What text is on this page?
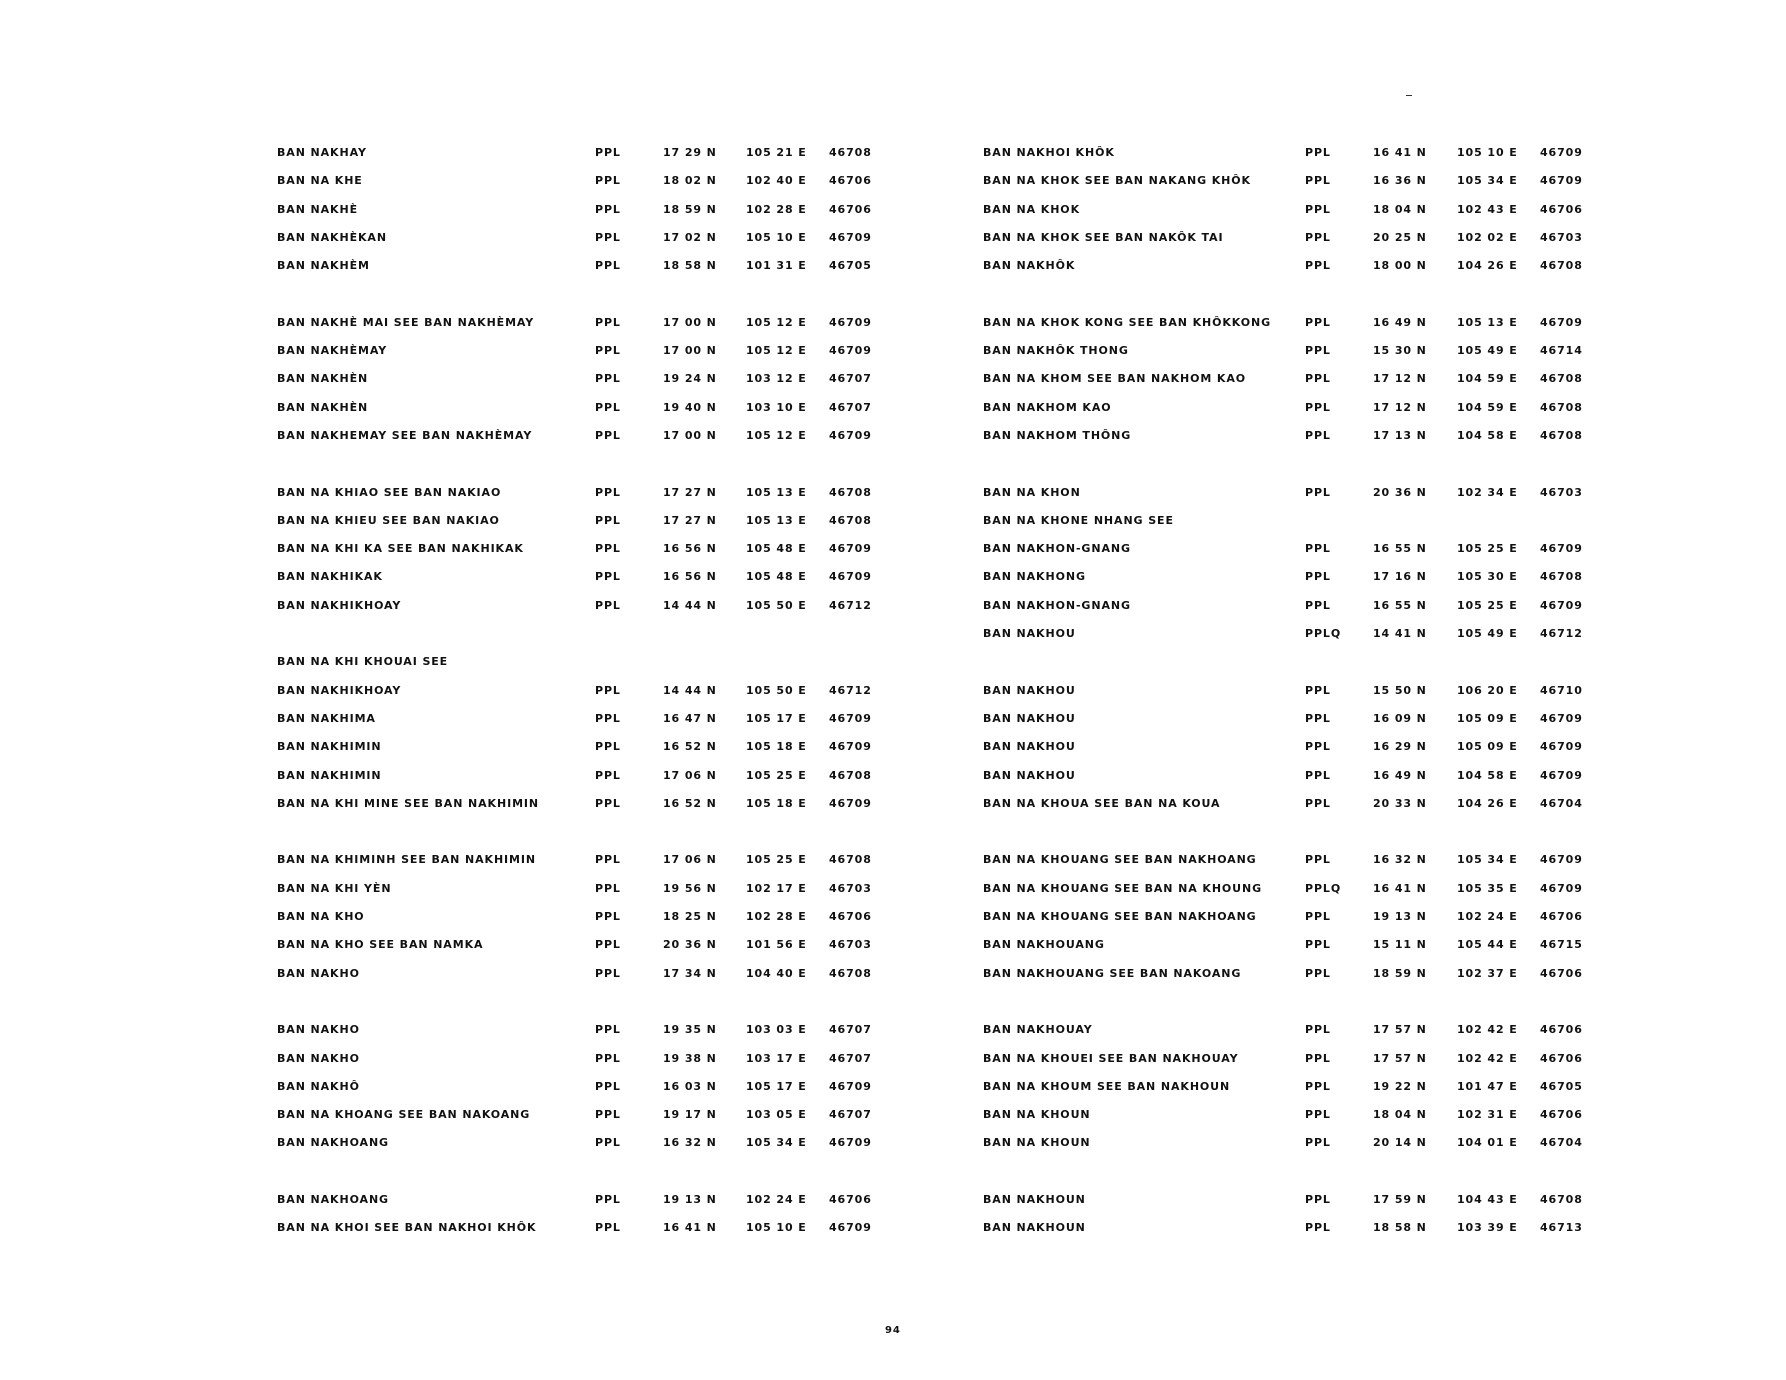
BAN NAKHAY	PPL	17 29 N	105 21 E 46708
BAN NA KHE	PPL	18 02 N	102 40 E 46706
BAN NAKHÈ	PPL	18 59 N	102 28 E 46706
BAN NAKHÈKAN	PPL	17 02 N	105 10 E 46709
BAN NAKHÈM	PPL	18 58 N	101 31 E 46705
BAN NAKHÈ MAI SEE BAN NAKHÈMAY	PPL	17 00 N	105 12 E 46709
BAN NAKHÈMAY	PPL	17 00 N	105 12 E 46709
BAN NAKHÈN	PPL	19 24 N	103 12 E 46707
BAN NAKHÈN	PPL	19 40 N	103 10 E 46707
BAN NAKHEMAY SEE BAN NAKHÈMAY	PPL	17 00 N	105 12 E 46709
BAN NA KHIAO SEE BAN NAKIAO	PPL	17 27 N	105 13 E 46708
BAN NA KHIEU SEE BAN NAKIAO	PPL	17 27 N	105 13 E 46708
BAN NA KHI KA SEE BAN NAKHIKAK	PPL	16 56 N	105 48 E 46709
BAN NAKHIKAK	PPL	16 56 N	105 48 E 46709
BAN NAKHIKHOAY	PPL	14 44 N	105 50 E 46712
BAN NA KHI KHOUAI SEE
BAN NAKHIKHOAY	PPL	14 44 N	105 50 E 46712
BAN NAKHIMA	PPL	16 47 N	105 17 E 46709
BAN NAKHIMIN	PPL	16 52 N	105 18 E 46709
BAN NAKHIMIN	PPL	17 06 N	105 25 E 46708
BAN NA KHI MINE SEE BAN NAKHIMIN	PPL	16 52 N	105 18 E 46709
BAN NA KHIMINH SEE BAN NAKHIMIN	PPL	17 06 N	105 25 E 46708
BAN NA KHI YÈN	PPL	19 56 N	102 17 E 46703
BAN NA KHO	PPL	18 25 N	102 28 E 46706
BAN NA KHO SEE BAN NAMKA	PPL	20 36 N	101 56 E 46703
BAN NAKHO	PPL	17 34 N	104 40 E 46708
BAN NAKHO	PPL	19 35 N	103 03 E 46707
BAN NAKHO	PPL	19 38 N	103 17 E 46707
BAN NAKHÔ	PPL	16 03 N	105 17 E 46709
BAN NA KHOANG SEE BAN NAKOANG	PPL	19 17 N	103 05 E 46707
BAN NAKHOANG	PPL	16 32 N	105 34 E 46709
BAN NAKHOANG	PPL	19 13 N	102 24 E 46706
BAN NA KHOI SEE BAN NAKHOI KHÔK	PPL	16 41 N	105 10 E 46709
BAN NAKHOI KHÔK	PPL	16 41 N	105 10 E 46709
BAN NA KHOK SEE BAN NAKANG KHÔK	PPL	16 36 N	105 34 E 46709
BAN NA KHOK	PPL	18 04 N	102 43 E 46706
BAN NA KHOK SEE BAN NAKÔK TAI	PPL	20 25 N	102 02 E 46703
BAN NAKHÔK	PPL	18 00 N	104 26 E 46708
BAN NA KHOK KONG SEE BAN KHÔKKONG	PPL	16 49 N	105 13 E 46709
BAN NAKHÔK THONG	PPL	15 30 N	105 49 E 46714
BAN NA KHOM SEE BAN NAKHOM KAO	PPL	17 12 N	104 59 E 46708
BAN NAKHOM KAO	PPL	17 12 N	104 59 E 46708
BAN NAKHOM THÔNG	PPL	17 13 N	104 58 E 46708
BAN NA KHON	PPL	20 36 N	102 34 E 46703
BAN NA KHONE NHANG SEE
BAN NAKHON-GNANG	PPL	16 55 N	105 25 E 46709
BAN NAKHONG	PPL	17 16 N	105 30 E 46708
BAN NAKHON-GNANG	PPL	16 55 N	105 25 E 46709
BAN NAKHOU	PPLQ	14 41 N	105 49 E 46712
BAN NAKHOU	PPL	15 50 N	106 20 E 46710
BAN NAKHOU	PPL	16 09 N	105 09 E 46709
BAN NAKHOU	PPL	16 29 N	105 09 E 46709
BAN NAKHOU	PPL	16 49 N	104 58 E 46709
BAN NA KHOUA SEE BAN NA KOUA	PPL	20 33 N	104 26 E 46704
BAN NA KHOUANG SEE BAN NAKHOANG	PPL	16 32 N	105 34 E 46709
BAN NA KHOUANG SEE BAN NA KHOUNG	PPLQ	16 41 N	105 35 E 46709
BAN NA KHOUANG SEE BAN NAKHOANG	PPL	19 13 N	102 24 E 46706
BAN NAKHOUANG	PPL	15 11 N	105 44 E 46715
BAN NAKHOUANG SEE BAN NAKOANG	PPL	18 59 N	102 37 E 46706
BAN NAKHOUAY	PPL	17 57 N	102 42 E 46706
BAN NA KHOUEI SEE BAN NAKHOUAY	PPL	17 57 N	102 42 E 46706
BAN NA KHOUM SEE BAN NAKHOUN	PPL	19 22 N	101 47 E 46705
BAN NA KHOUN	PPL	18 04 N	102 31 E 46706
BAN NA KHOUN	PPL	20 14 N	104 01 E 46704
BAN NAKHOUN	PPL	17 59 N	104 43 E 46708
BAN NAKHOUN	PPL	18 58 N	103 39 E 46713
94
